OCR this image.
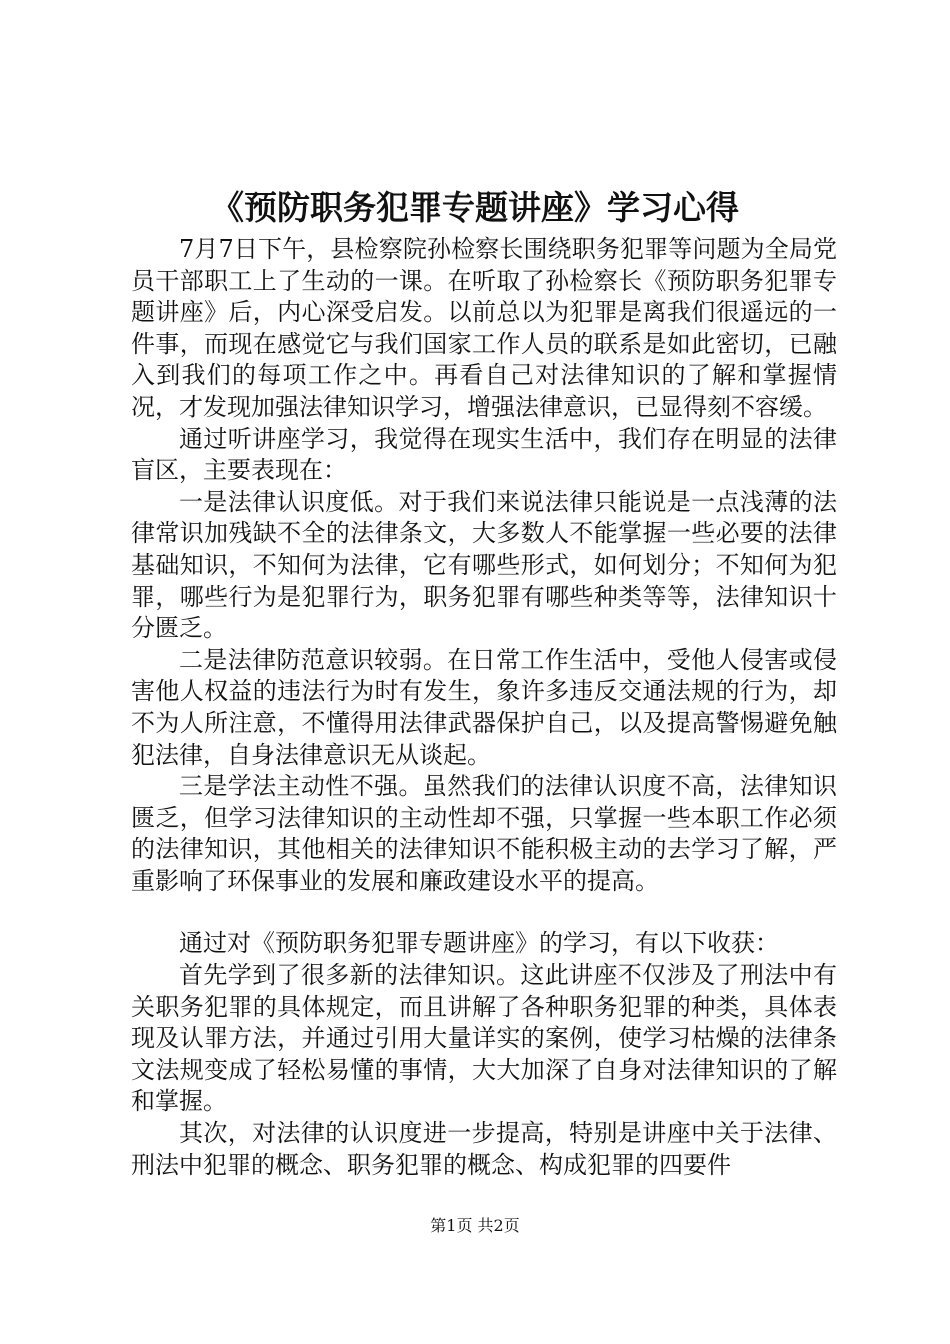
《预防职务犯罪专题讲座》学习心得

7月7日下午，县检察院孙检察长围绕职务犯罪等问题为全局党员干部职工上了生动的一课。在听取了孙检察长《预防职务犯罪专题讲座》后，内心深受启发。以前总以为犯罪是离我们很遥远的一件事，而现在感觉它与我们国家工作人员的联系是如此密切，已融入到我们的每项工作之中。再看自己对法律知识的了解和掌握情况，才发现加强法律知识学习，增强法律意识，已显得刻不容缓。

通过听讲座学习，我觉得在现实生活中，我们存在明显的法律盲区，主要表现在：

一是法律认识度低。对于我们来说法律只能说是一点浅薄的法律常识加残缺不全的法律条文，大多数人不能掌握一些必要的法律基础知识，不知何为法律，它有哪些形式，如何划分；不知何为犯罪，哪些行为是犯罪行为，职务犯罪有哪些种类等等，法律知识十分匮乏。

二是法律防范意识较弱。在日常工作生活中，受他人侵害或侵害他人权益的违法行为时有发生，象许多违反交通法规的行为，却不为人所注意，不懂得用法律武器保护自己，以及提高警惕避免触犯法律，自身法律意识无从谈起。

三是学法主动性不强。虽然我们的法律认识度不高，法律知识匮乏，但学习法律知识的主动性却不强，只掌握一些本职工作必须的法律知识，其他相关的法律知识不能积极主动的去学习了解，严重影响了环保事业的发展和廉政建设水平的提高。

通过对《预防职务犯罪专题讲座》的学习，有以下收获：

首先学到了很多新的法律知识。这此讲座不仅涉及了刑法中有关职务犯罪的具体规定，而且讲解了各种职务犯罪的种类，具体表现及认罪方法，并通过引用大量详实的案例，使学习枯燥的法律条文法规变成了轻松易懂的事情，大大加深了自身对法律知识的了解和掌握。

其次，对法律的认识度进一步提高，特别是讲座中关于法律、刑法中犯罪的概念、职务犯罪的概念、构成犯罪的四要件

第1页 共2页
